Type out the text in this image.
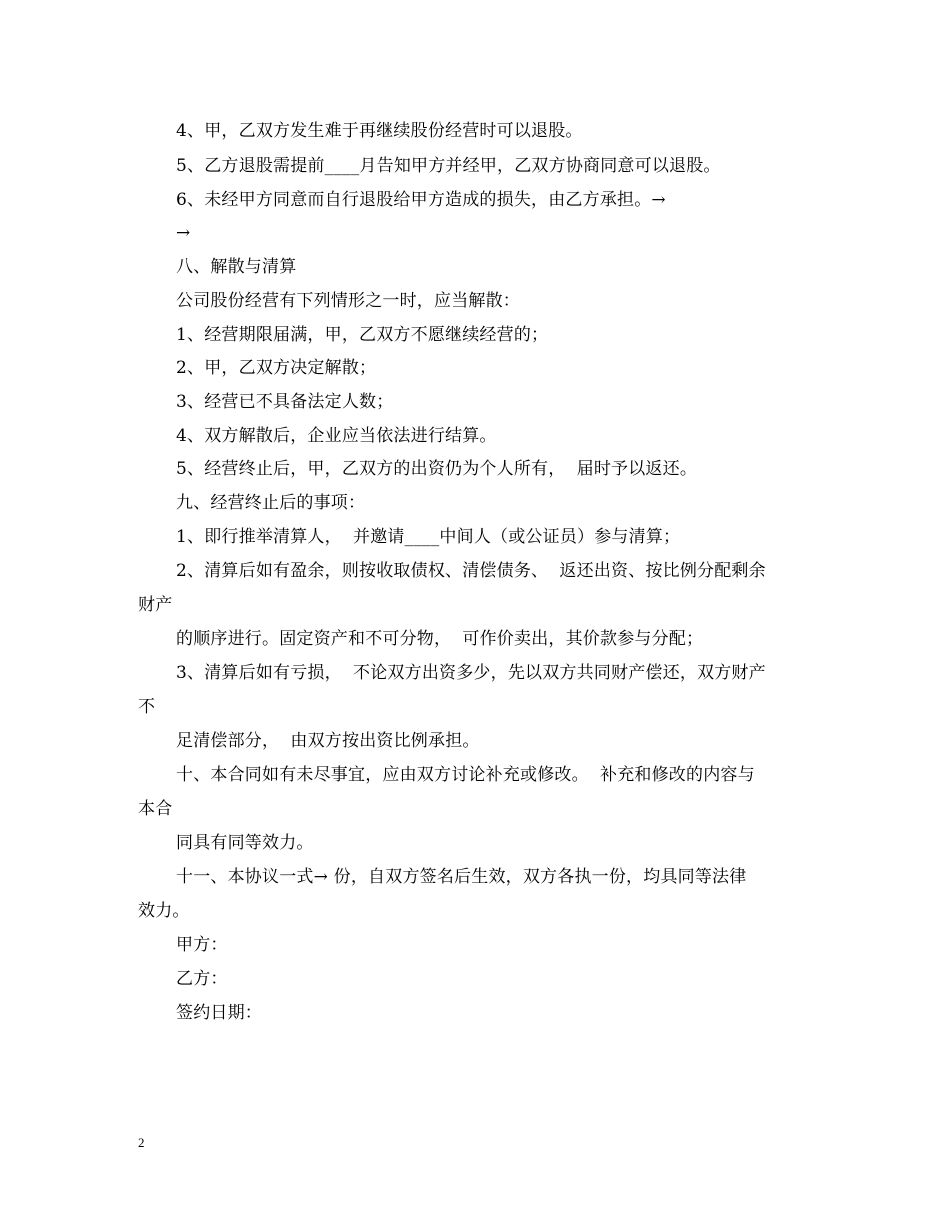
4、甲，乙双方发生难于再继续股份经营时可以退股。
5、乙方退股需提前____月告知甲方并经甲，乙双方协商同意可以退股。
6、未经甲方同意而自行退股给甲方造成的损失，由乙方承担。→
→
八、解散与清算
公司股份经营有下列情形之一时，应当解散：
1、经营期限届满，甲，乙双方不愿继续经营的；
2、甲，乙双方决定解散；
3、经营已不具备法定人数；
4、双方解散后，企业应当依法进行结算。
5、经营终止后，甲，乙双方的出资仍为个人所有，  届时予以返还。
九、经营终止后的事项：
1、即行推举清算人，  并邀请____中间人（或公证员）参与清算；
2、清算后如有盈余，则按收取债权、清偿债务、  返还出资、按比例分配剩余
财产
的顺序进行。固定资产和不可分物，  可作价卖出，其价款参与分配；
3、清算后如有亏损，  不论双方出资多少，先以双方共同财产偿还，双方财产
不
足清偿部分，  由双方按出资比例承担。
十、本合同如有未尽事宜，应由双方讨论补充或修改。  补充和修改的内容与
本合
同具有同等效力。
十一、本协议一式→ 份，自双方签名后生效，双方各执一份，均具同等法律
效力。
甲方：
乙方：
签约日期：
2
